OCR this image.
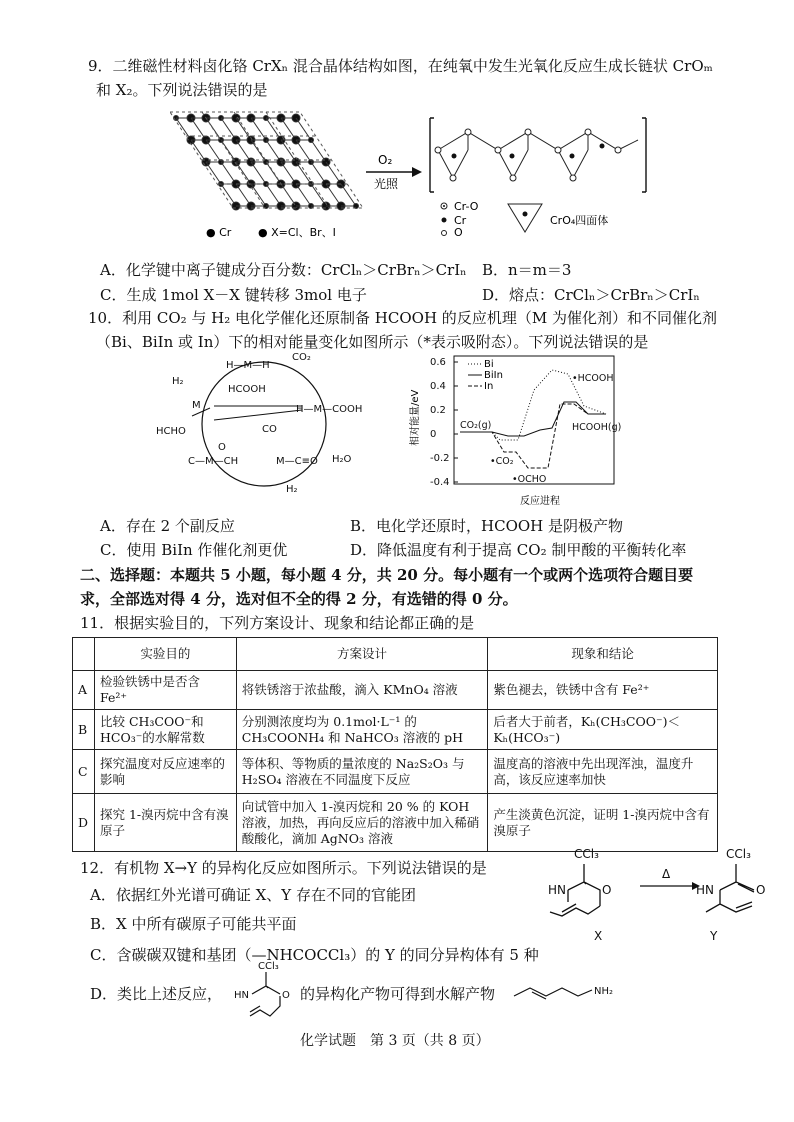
9．二维磁性材料卤化铬 CrXₙ 混合晶体结构如图，在纯氧中发生光氧化反应生成长链状 CrOₘ
和 X₂。下列说法错误的是
● Cr ● X=Cl、Br、I
O₂
光照
Cr-O
Cr
O
CrO₄四面体
A．化学键中离子键成分百分数：CrClₙ＞CrBrₙ＞CrIₙ B．n＝m＝3
C．生成 1mol X－X 键转移 3mol 电子	D．熔点：CrClₙ＞CrBrₙ＞CrIₙ
10．利用 CO₂ 与 H₂ 电化学催化还原制备 HCOOH 的反应机理（M 为催化剂）和不同催化剂
（Bi、BiIn 或 In）下的相对能量变化如图所示（*表示吸附态）。下列说法错误的是
H—M—H
CO₂
H₂
HCOOH
M	H—M—COOH
HCHO	CO
O
C—M—CH	M—C≡O H₂O
H₂
0.6
0.4
0.2
0
-0.2
-0.4
相对能量/eV
反应进程
Bi
BiIn
In
CO₂(g)
•CO₂
•OCHO
•HCOOH
HCOOH(g)
A．存在 2 个副反应	B．电化学还原时，HCOOH 是阴极产物
C．使用 BiIn 作催化剂更优	D．降低温度有利于提高 CO₂ 制甲酸的平衡转化率
二、选择题：本题共 5 小题，每小题 4 分，共 20 分。每小题有一个或两个选项符合题目要
求，全部选对得 4 分，选对但不全的得 2 分，有选错的得 0 分。
11．根据实验目的，下列方案设计、现象和结论都正确的是
	实验目的	方案设计	现象和结论
A	检验铁锈中是否含 Fe²⁺	将铁锈溶于浓盐酸，滴入 KMnO₄ 溶液	紫色褪去，铁锈中含有 Fe²⁺
B	比较 CH₃COO⁻和 HCO₃⁻的水解常数	分别测浓度均为 0.1mol·L⁻¹ 的 CH₃COONH₄ 和 NaHCO₃ 溶液的 pH	后者大于前者，Kₕ(CH₃COO⁻)＜Kₕ(HCO₃⁻)
C	探究温度对反应速率的影响	等体积、等物质的量浓度的 Na₂S₂O₃ 与 H₂SO₄ 溶液在不同温度下反应	温度高的溶液中先出现浑浊，温度升高，该反应速率加快
D	探究 1-溴丙烷中含有溴原子	向试管中加入 1-溴丙烷和 20 % 的 KOH 溶液，加热，再向反应后的溶液中加入稀硝酸酸化，滴加 AgNO₃ 溶液	产生淡黄色沉淀，证明 1-溴丙烷中含有溴原子
12．有机物 X→Y 的异构化反应如图所示。下列说法错误的是
CCl₃
HN	O
Δ
X
CCl₃
HN	O
Y
A．依据红外光谱可确证 X、Y 存在不同的官能团
B．X 中所有碳原子可能共平面
C．含碳碳双键和基团（—NHCOCCl₃）的 Y 的同分异构体有 5 种
D．类比上述反应，
CCl₃
HN	O 的异构化产物可得到水解产物	NH₂
化学试题　第 3 页（共 8 页）
